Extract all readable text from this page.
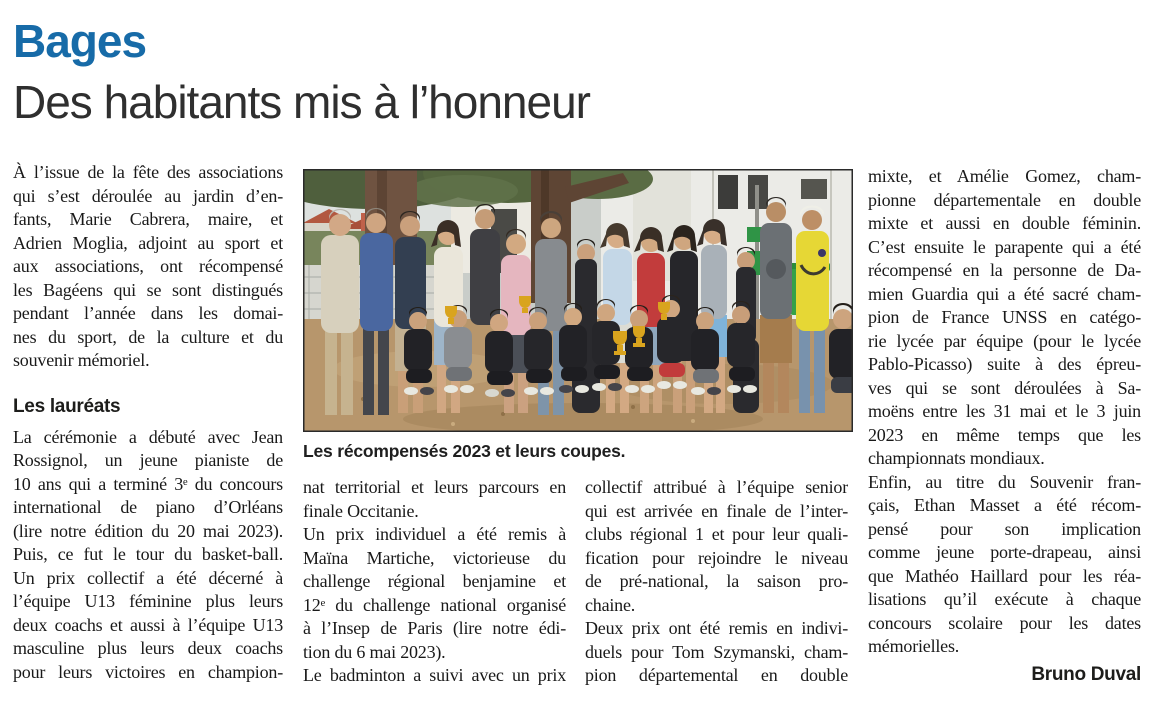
Bages
Des habitants mis à l’honneur
À l’issue de la fête des associations
qui s’est déroulée au jardin d’en-
fants, Marie Cabrera, maire, et
Adrien Moglia, adjoint au sport et
aux associations, ont récompensé
les Bagéens qui se sont distingués
pendant l’année dans les domai-
nes du sport, de la culture et du
souvenir mémoriel.
Les lauréats
La cérémonie a débuté avec Jean
Rossignol, un jeune pianiste de
10 ans qui a terminé 3ᵉ du concours
international de piano d’Orléans
(lire notre édition du 20 mai 2023).
Puis, ce fut le tour du basket-ball.
Un prix collectif a été décerné à
l’équipe U13 féminine plus leurs
deux coachs et aussi à l’équipe U13
masculine plus leurs deux coachs
pour leurs victoires en champion-
Les récompensés 2023 et leurs coupes.
nat territorial et leurs parcours en
finale Occitanie.
Un prix individuel a été remis à
Maïna Martiche, victorieuse du
challenge régional benjamine et
12ᵉ du challenge national organisé
à l’Insep de Paris (lire notre édi-
tion du 6 mai 2023).
Le badminton a suivi avec un prix
collectif attribué à l’équipe senior
qui est arrivée en finale de l’inter-
clubs régional 1 et pour leur quali-
fication pour rejoindre le niveau
de pré-national, la saison pro-
chaine.
Deux prix ont été remis en indivi-
duels pour Tom Szymanski, cham-
pion départemental en double
mixte, et Amélie Gomez, cham-
pionne départementale en double
mixte et aussi en double féminin.
C’est ensuite le parapente qui a été
récompensé en la personne de Da-
mien Guardia qui a été sacré cham-
pion de France UNSS en catégo-
rie lycée par équipe (pour le lycée
Pablo-Picasso) suite à des épreu-
ves qui se sont déroulées à Sa-
moëns entre les 31 mai et le 3 juin
2023 en même temps que les
championnats mondiaux.
Enfin, au titre du Souvenir fran-
çais, Ethan Masset a été récom-
pensé pour son implication
comme jeune porte-drapeau, ainsi
que Mathéo Haillard pour les réa-
lisations qu’il exécute à chaque
concours scolaire pour les dates
mémorielles.
Bruno Duval
